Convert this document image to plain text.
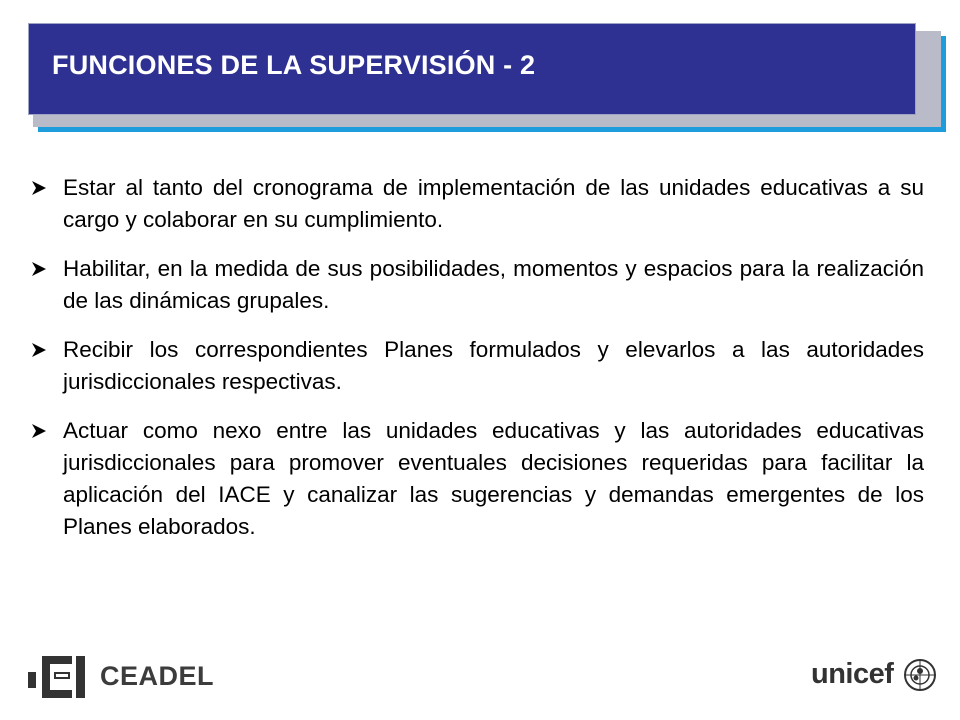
FUNCIONES DE LA SUPERVISIÓN - 2
Estar al tanto del cronograma de implementación de las unidades educativas a su cargo y colaborar en su cumplimiento.
Habilitar, en la medida de sus posibilidades, momentos y espacios para la realización de las dinámicas grupales.
Recibir los correspondientes Planes formulados y elevarlos a las autoridades jurisdiccionales respectivas.
Actuar como nexo entre las unidades educativas y las autoridades educativas jurisdiccionales para promover eventuales decisiones requeridas para facilitar la aplicación del IACE y canalizar las sugerencias y demandas emergentes de los Planes elaborados.
CEADEL	unicef
